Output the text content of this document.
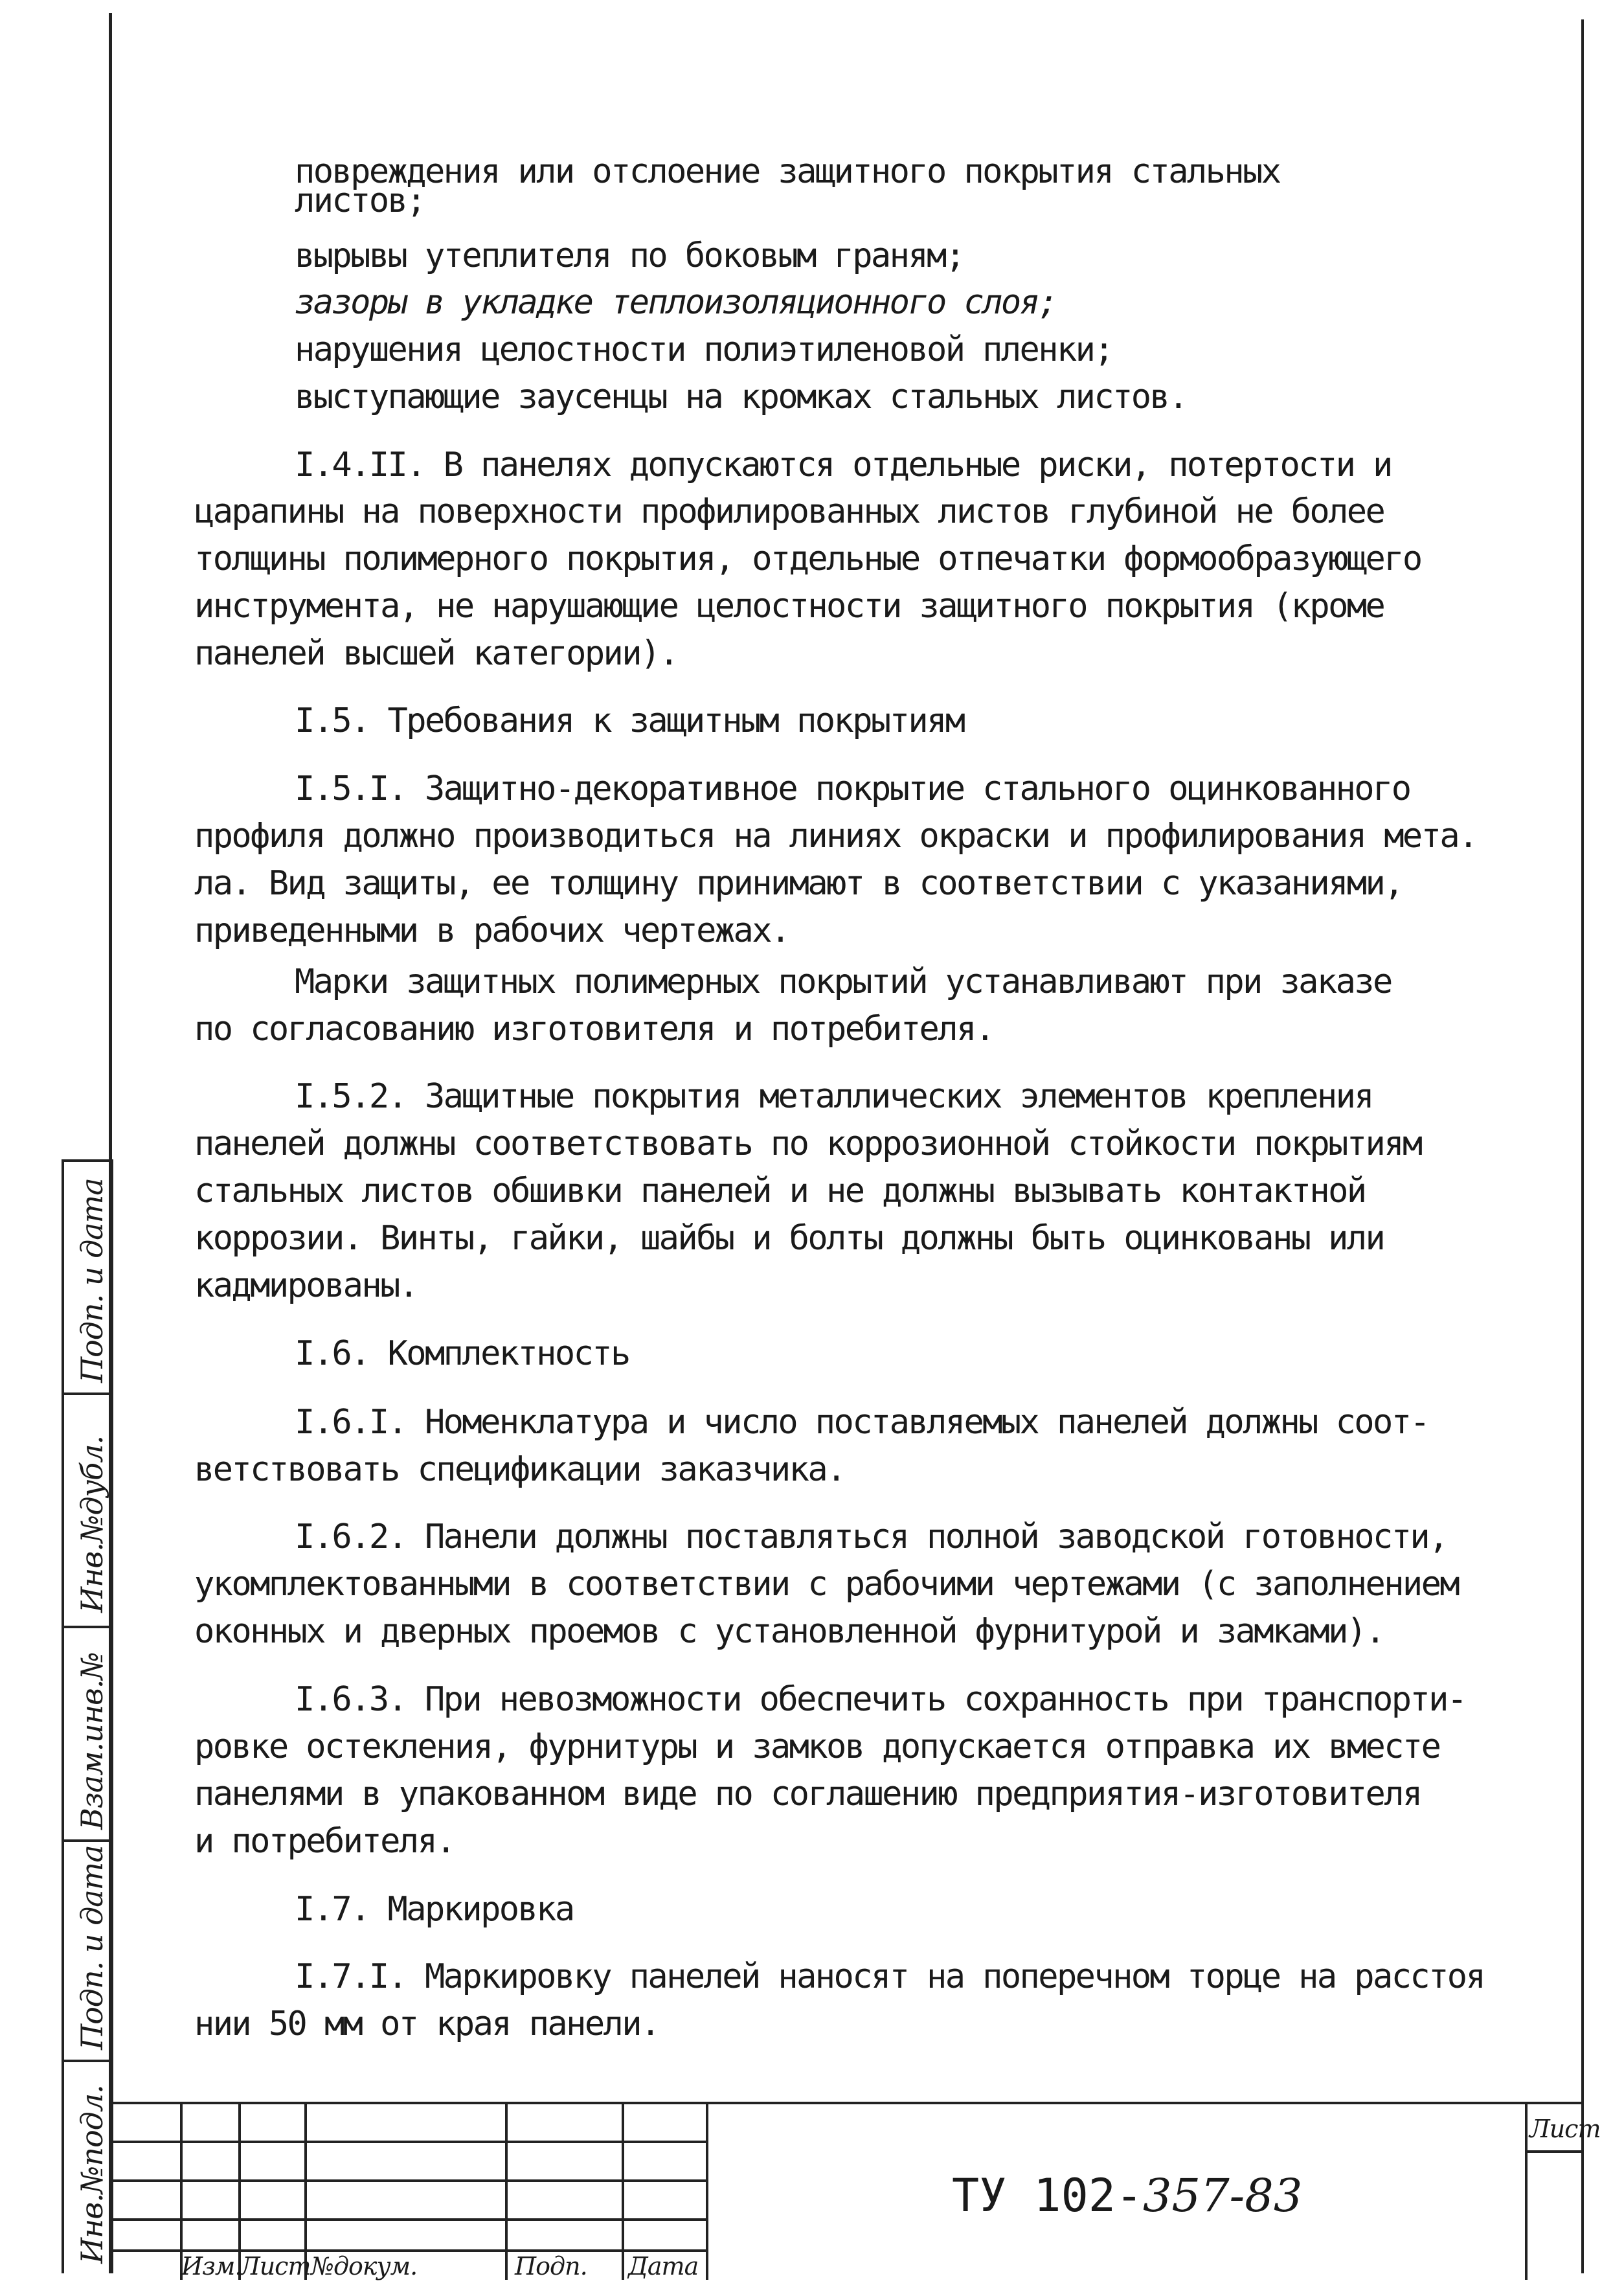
повреждения или отслоение защитного покрытия стальных
листов;
вырывы утеплителя по боковым граням;
зазоры в укладке теплоизоляционного слоя;
нарушения целостности полиэтиленовой пленки;
выступающие заусенцы на кромках стальных листов.
I.4.II. В панелях допускаются отдельные риски, потертости и
царапины на поверхности профилированных листов глубиной не более
толщины полимерного покрытия, отдельные отпечатки формообразующего
инструмента, не нарушающие целостности защитного покрытия (кроме
панелей высшей категории).
I.5. Требования к защитным покрытиям
I.5.I. Защитно-декоративное покрытие стального оцинкованного
профиля должно производиться на линиях окраски и профилирования мета.
ла. Вид защиты, ее толщину принимают в соответствии с указаниями,
приведенными в рабочих чертежах.
Марки защитных полимерных покрытий устанавливают при заказе
по согласованию изготовителя и потребителя.
I.5.2. Защитные покрытия металлических элементов крепления
панелей должны соответствовать по коррозионной стойкости покрытиям
стальных листов обшивки панелей и не должны вызывать контактной
коррозии. Винты, гайки, шайбы и болты должны быть оцинкованы или
кадмированы.
I.6. Комплектность
I.6.I. Номенклатура и число поставляемых панелей должны соот-
ветствовать спецификации заказчика.
I.6.2. Панели должны поставляться полной заводской готовности,
укомплектованными в соответствии с рабочими чертежами (с заполнением
оконных и дверных проемов с установленной фурнитурой и замками).
I.6.3. При невозможности обеспечить сохранность при транспорти-
ровке остекления, фурнитуры и замков допускается отправка их вместе
панелями в упакованном виде по соглашению предприятия-изготовителя
и потребителя.
I.7. Маркировка
I.7.I. Маркировку панелей наносят на поперечном торце на расстоя
нии 50 мм от края панели.
Подп. и дата
Инв.№дубл.
Взам.инв.№
Подп. и дата
Инв.№подл.
Изм.
Лист №докум.	Подп. Дата
Лист
ТУ 102-357-83
